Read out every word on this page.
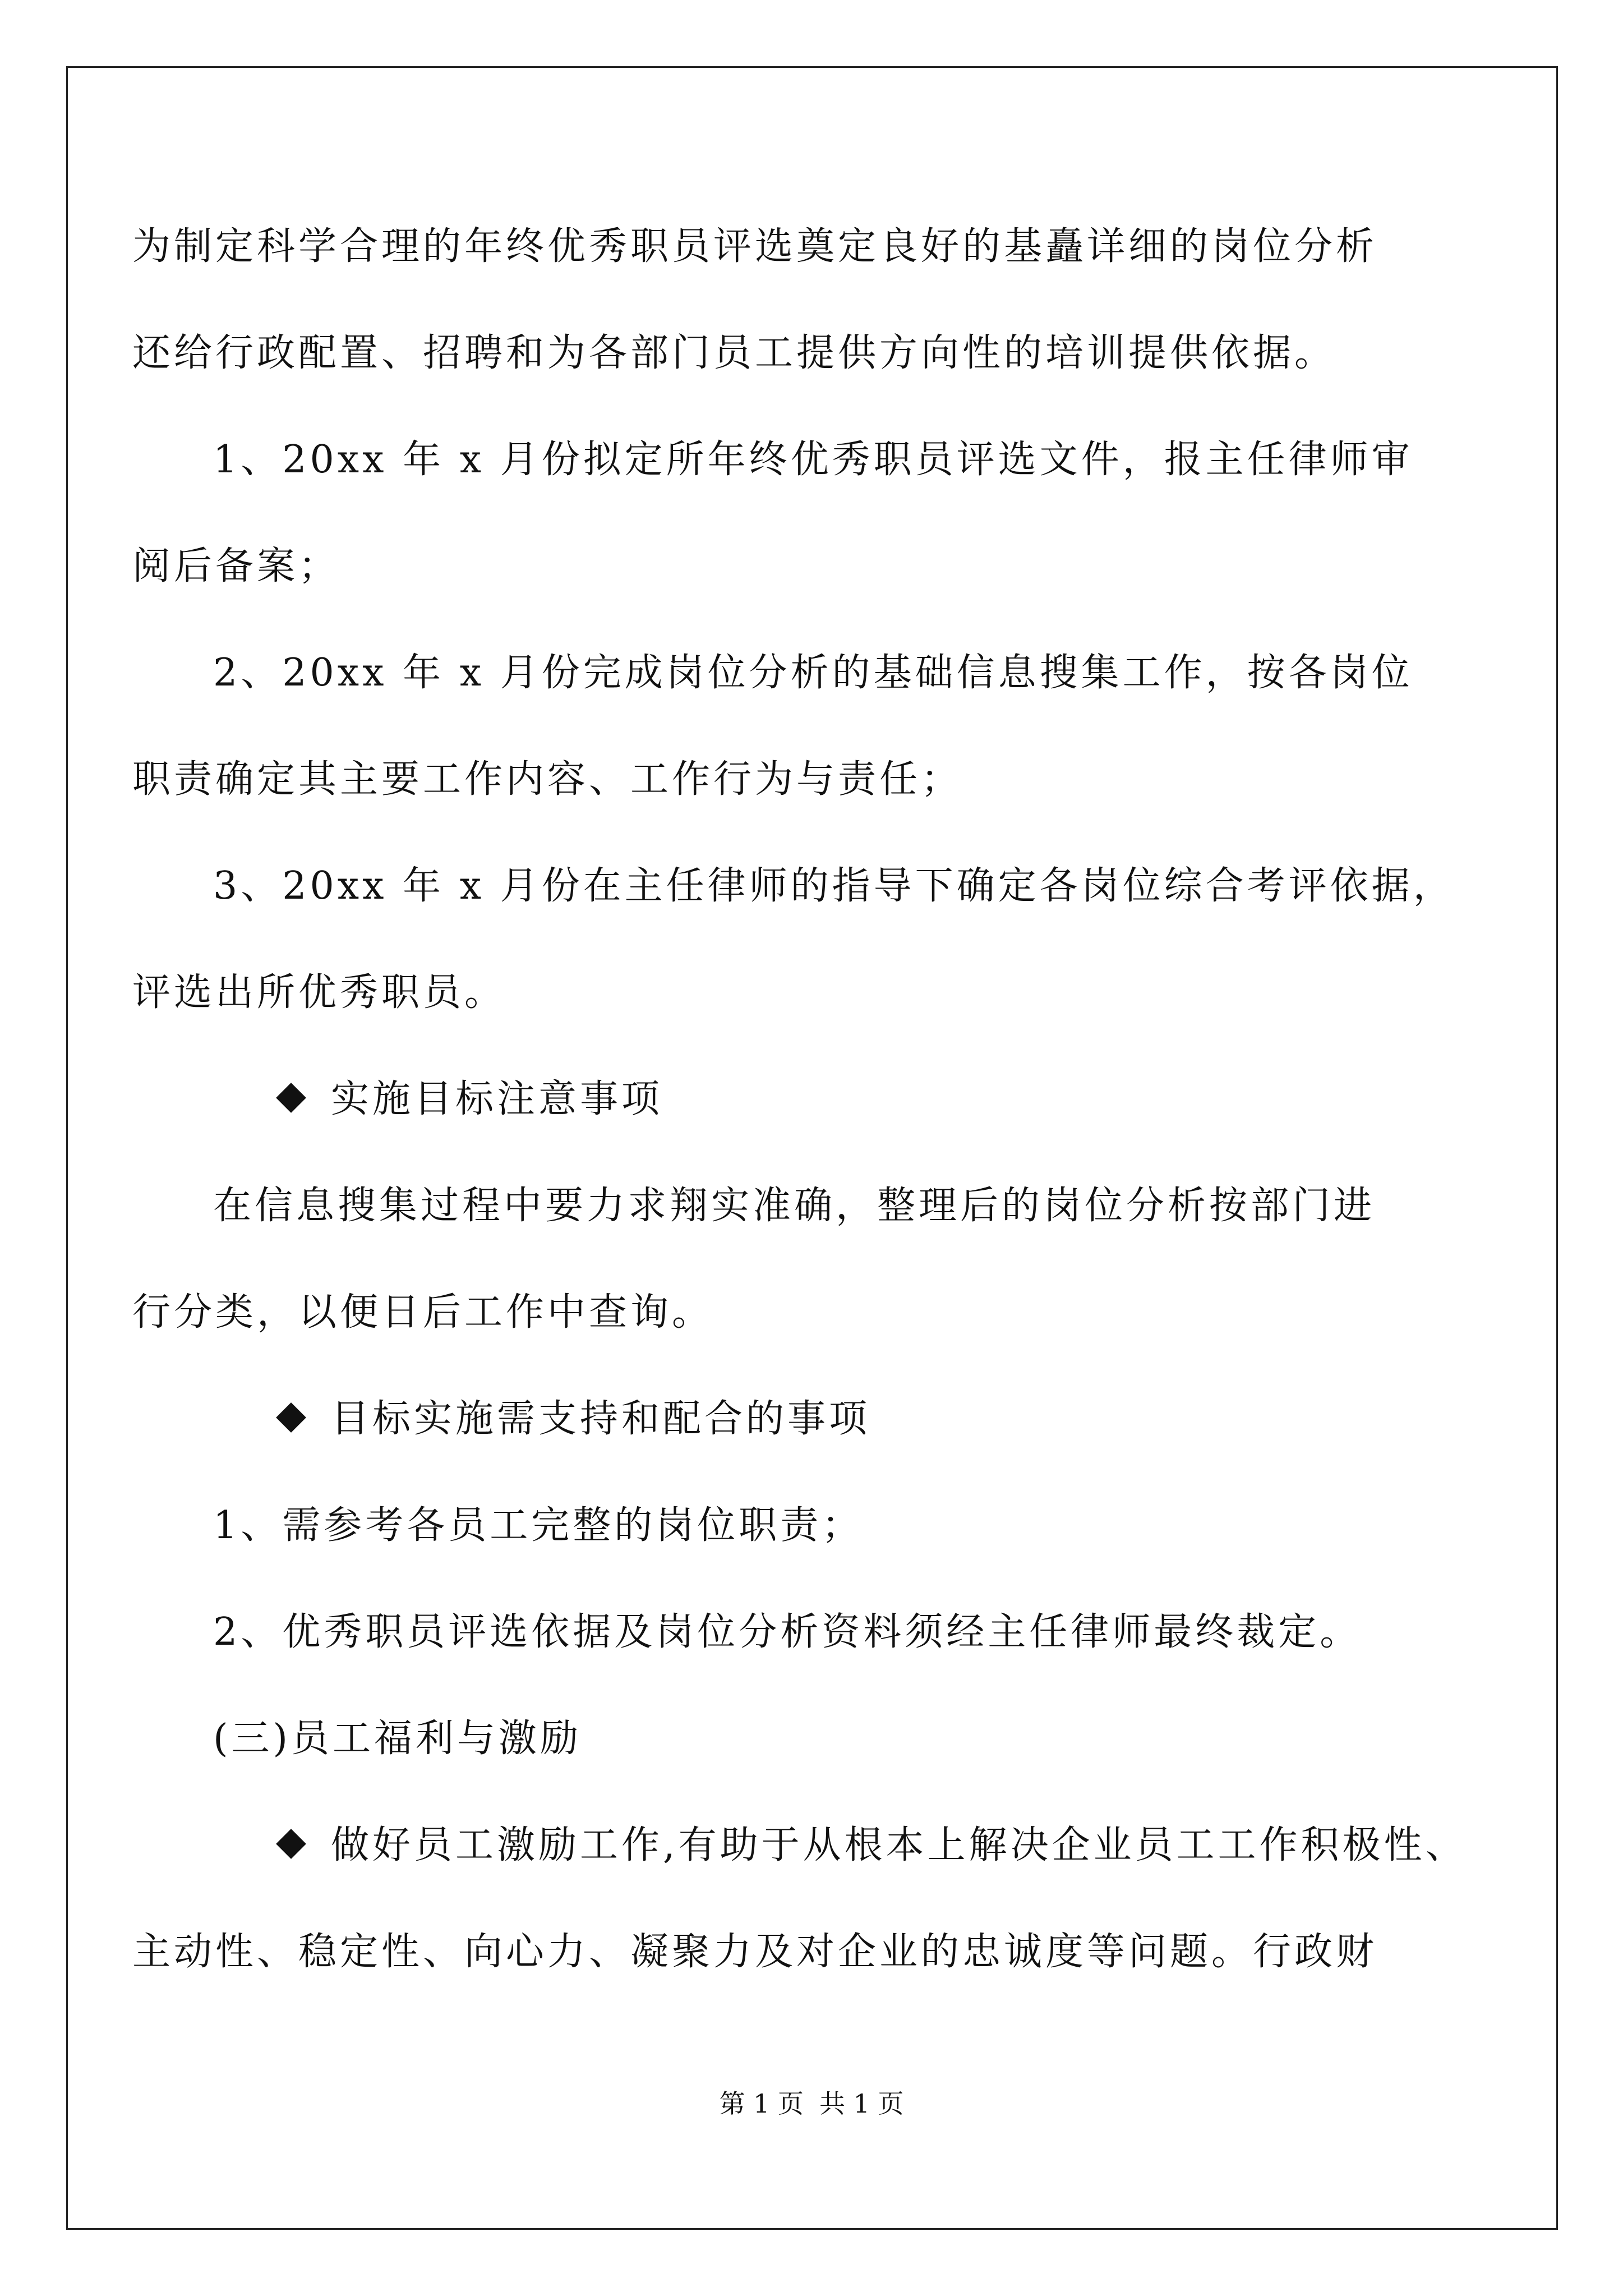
为制定科学合理的年终优秀职员评选奠定良好的基矗详细的岗位分析
还给行政配置、招聘和为各部门员工提供方向性的培训提供依据。
1、20xx 年 x 月份拟定所年终优秀职员评选文件，报主任律师审
阅后备案；
2、20xx 年 x 月份完成岗位分析的基础信息搜集工作，按各岗位
职责确定其主要工作内容、工作行为与责任；
3、20xx 年 x 月份在主任律师的指导下确定各岗位综合考评依据，
评选出所优秀职员。
实施目标注意事项
在信息搜集过程中要力求翔实准确，整理后的岗位分析按部门进
行分类，以便日后工作中查询。
目标实施需支持和配合的事项
1、需参考各员工完整的岗位职责；
2、优秀职员评选依据及岗位分析资料须经主任律师最终裁定。
(三)员工福利与激励
做好员工激励工作,有助于从根本上解决企业员工工作积极性、
主动性、稳定性、向心力、凝聚力及对企业的忠诚度等问题。行政财
第 1 页 共 1 页
